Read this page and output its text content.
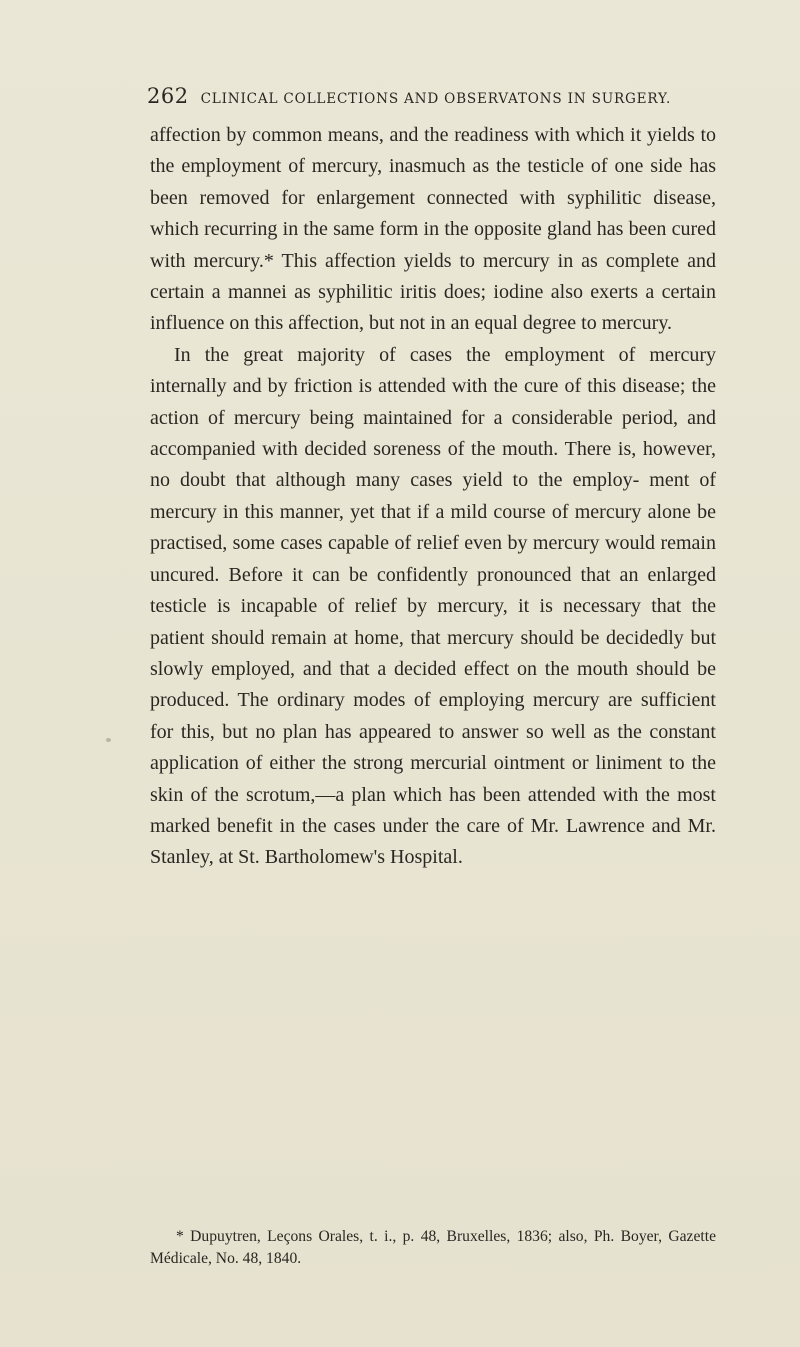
262 CLINICAL COLLECTIONS AND OBSERVATONS IN SURGERY.

affection by common means, and the readiness with which it yields to the employment of mercury, inasmuch as the testicle of one side has been removed for enlargement connected with syphilitic disease, which recurring in the same form in the opposite gland has been cured with mercury.* This affection yields to mercury in as complete and certain a mannei as syphilitic iritis does; iodine also exerts a certain influence on this affection, but not in an equal degree to mercury.

In the great majority of cases the employment of mercury internally and by friction is attended with the cure of this disease; the action of mercury being maintained for a considerable period, and accompanied with decided soreness of the mouth. There is, however, no doubt that although many cases yield to the employ- ment of mercury in this manner, yet that if a mild course of mercury alone be practised, some cases capable of relief even by mercury would remain uncured. Before it can be confidently pronounced that an enlarged testicle is incapable of relief by mercury, it is necessary that the patient should remain at home, that mercury should be decidedly but slowly employed, and that a decided effect on the mouth should be produced. The ordinary modes of employing mercury are sufficient for this, but no plan has appeared to answer so well as the constant application of either the strong mercurial ointment or liniment to the skin of the scrotum,—a plan which has been attended with the most marked benefit in the cases under the care of Mr. Lawrence and Mr. Stanley, at St. Bartholomew's Hospital.

* Dupuytren, Leçons Orales, t. i., p. 48, Bruxelles, 1836; also, Ph. Boyer, Gazette Médicale, No. 48, 1840.
